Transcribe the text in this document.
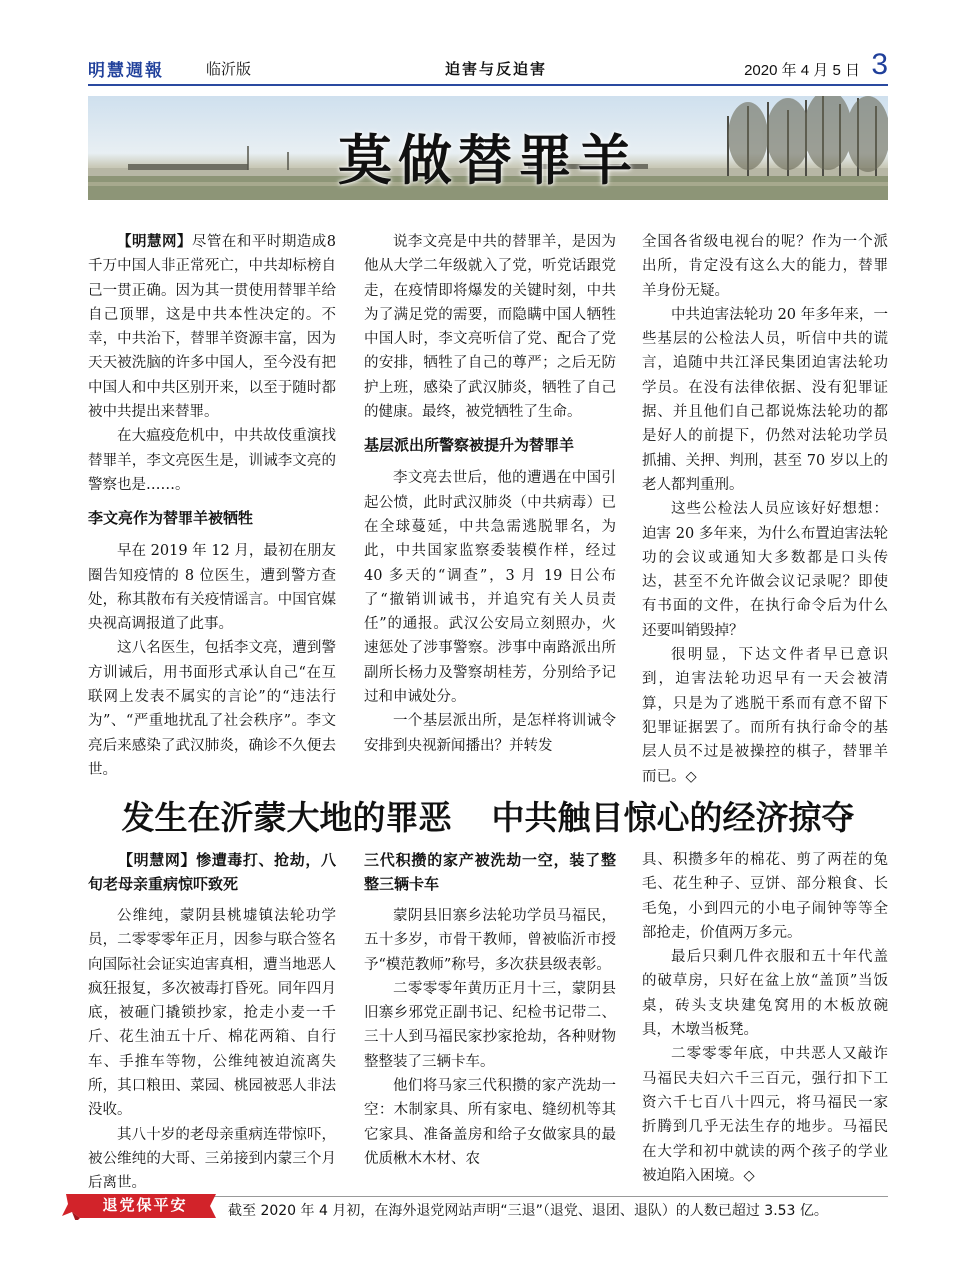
明慧週報	临沂版	迫害与反迫害	2020 年 4 月 5 日 3
莫做替罪羊

【明慧网】尽管在和平时期造成8千万中国人非正常死亡，中共却标榜自己一贯正确。因为其一贯使用替罪羊给自己顶罪，这是中共本性决定的。不幸，中共治下，替罪羊资源丰富，因为天天被洗脑的许多中国人，至今没有把中国人和中共区别开来，以至于随时都被中共提出来替罪。

在大瘟疫危机中，中共故伎重演找替罪羊，李文亮医生是，训诫李文亮的警察也是……。

李文亮作为替罪羊被牺牲

早在 2019 年 12 月，最初在朋友圈告知疫情的 8 位医生，遭到警方查处，称其散布有关疫情谣言。中国官媒央视高调报道了此事。

这八名医生，包括李文亮，遭到警方训诫后，用书面形式承认自己“在互联网上发表不属实的言论”的“违法行为”、“严重地扰乱了社会秩序”。李文亮后来感染了武汉肺炎，确诊不久便去世。

说李文亮是中共的替罪羊，是因为他从大学二年级就入了党，听党话跟党走，在疫情即将爆发的关键时刻，中共为了满足党的需要，而隐瞒中国人牺牲中国人时，李文亮听信了党、配合了党的安排，牺牲了自己的尊严；之后无防护上班，感染了武汉肺炎，牺牲了自己的健康。最终，被党牺牲了生命。

基层派出所警察被提升为替罪羊

李文亮去世后，他的遭遇在中国引起公愤，此时武汉肺炎（中共病毒）已在全球蔓延，中共急需逃脱罪名，为此，中共国家监察委装模作样，经过 40 多天的“调查”，3 月 19 日公布了“撤销训诫书，并追究有关人员责任”的通报。武汉公安局立刻照办，火速惩处了涉事警察。涉事中南路派出所副所长杨力及警察胡桂芳，分别给予记过和申诫处分。

一个基层派出所，是怎样将训诫令安排到央视新闻播出？并转发

全国各省级电视台的呢？作为一个派出所，肯定没有这么大的能力，替罪羊身份无疑。

中共迫害法轮功 20 年多年来，一些基层的公检法人员，听信中共的谎言，追随中共江泽民集团迫害法轮功学员。在没有法律依据、没有犯罪证据、并且他们自己都说炼法轮功的都是好人的前提下，仍然对法轮功学员抓捕、关押、判刑，甚至 70 岁以上的老人都判重刑。

这些公检法人员应该好好想想：迫害 20 多年来，为什么布置迫害法轮功的会议或通知大多数都是口头传达，甚至不允许做会议记录呢？即使有书面的文件，在执行命令后为什么还要叫销毁掉？

很明显，下达文件者早已意识到，迫害法轮功迟早有一天会被清算，只是为了逃脱干系而有意不留下犯罪证据罢了。而所有执行命令的基层人员不过是被操控的棋子，替罪羊而已。◇

发生在沂蒙大地的罪恶 中共触目惊心的经济掠夺
【明慧网】惨遭毒打、抢劫，八旬老母亲重病惊吓致死

公维纯，蒙阴县桃墟镇法轮功学员，二零零零年正月，因参与联合签名向国际社会证实迫害真相，遭当地恶人疯狂报复，多次被毒打昏死。同年四月底，被砸门撬锁抄家，抢走小麦一千斤、花生油五十斤、棉花两箱、自行车、手推车等物，公维纯被迫流离失所，其口粮田、菜园、桃园被恶人非法没收。

其八十岁的老母亲重病连带惊吓，被公维纯的大哥、三弟接到内蒙三个月后离世。

三代积攒的家产被洗劫一空，装了整整三辆卡车

蒙阴县旧寨乡法轮功学员马福民，五十多岁，市骨干教师，曾被临沂市授予“模范教师”称号，多次获县级表彰。

二零零零年黄历正月十三，蒙阴县旧寨乡邪党正副书记、纪检书记带二、三十人到马福民家抄家抢劫，各种财物整整装了三辆卡车。

他们将马家三代积攒的家产洗劫一空：木制家具、所有家电、缝纫机等其它家具、准备盖房和给子女做家具的最优质楸木木材、农

具、积攒多年的棉花、剪了两茬的兔毛、花生种子、豆饼、部分粮食、长毛兔，小到四元的小电子闹钟等等全部抢走，价值两万多元。

最后只剩几件衣服和五十年代盖的破草房，只好在盆上放“盖顶”当饭桌，砖头支块建兔窝用的木板放碗具，木墩当板凳。

二零零零年底，中共恶人又敲诈马福民夫妇六千三百元，强行扣下工资六千七百八十四元，将马福民一家折腾到几乎无法生存的地步。马福民在大学和初中就读的两个孩子的学业被迫陷入困境。◇

退党保平安	截至 2020 年 4 月初，在海外退党网站声明“三退”（退党、退团、退队）的人数已超过 3.53 亿。
